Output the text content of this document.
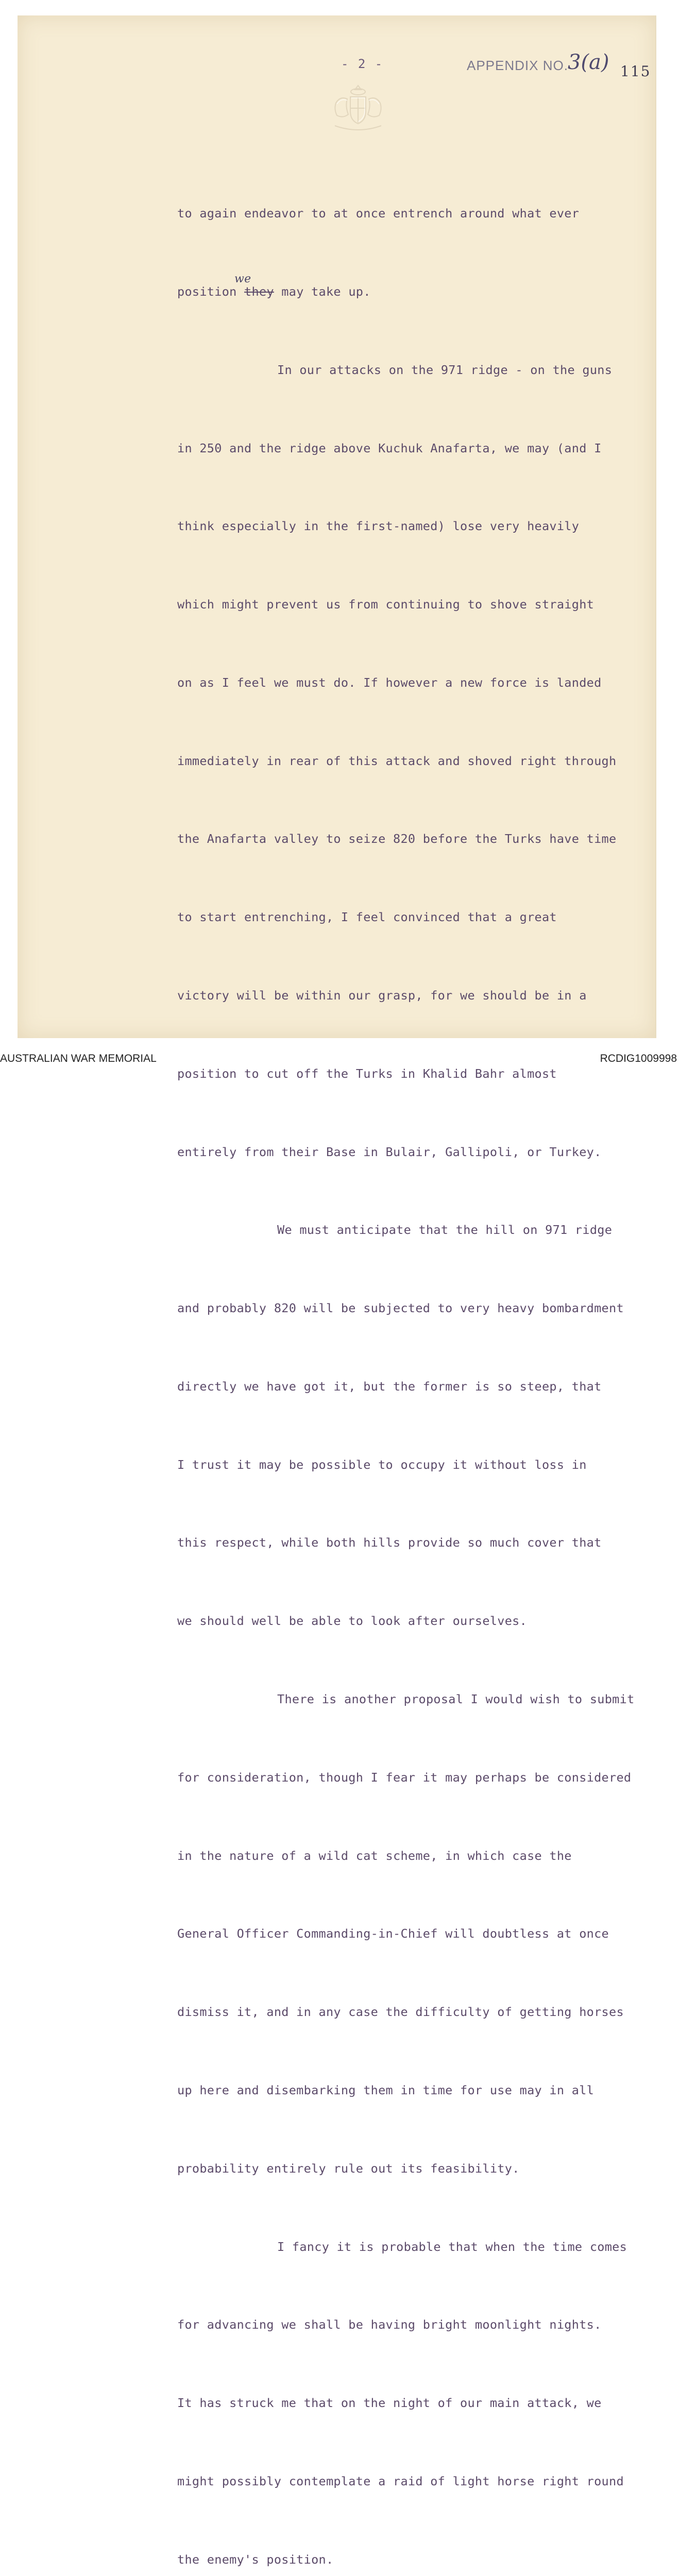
- 2 -	APPENDIX NO. 3(a) 115

to again endeavor to at once entrench around what ever

we
position they may take up.

In our attacks on the 971 ridge - on the guns

in 250 and the ridge above Kuchuk Anafarta, we may (and I

think especially in the first-named) lose very heavily

which might prevent us from continuing to shove straight

on as I feel we must do. If however a new force is landed

immediately in rear of this attack and shoved right through

the Anafarta valley to seize 820 before the Turks have time

to start entrenching, I feel convinced that a great

victory will be within our grasp, for we should be in a

position to cut off the Turks in Khalid Bahr almost

entirely from their Base in Bulair, Gallipoli, or Turkey.

We must anticipate that the hill on 971 ridge

and probably 820 will be subjected to very heavy bombardment

directly we have got it, but the former is so steep, that

I trust it may be possible to occupy it without loss in

this respect, while both hills provide so much cover that

we should well be able to look after ourselves.

There is another proposal I would wish to submit

for consideration, though I fear it may perhaps be considered

in the nature of a wild cat scheme, in which case the

General Officer Commanding-in-Chief will doubtless at once

dismiss it, and in any case the difficulty of getting horses

up here and disembarking them in time for use may in all

probability entirely rule out its feasibility.

I fancy it is probable that when the time comes

for advancing we shall be having bright moonlight nights.

It has struck me that on the night of our main attack, we

might possibly contemplate a raid of light horse right round

the enemy's position.

AUSTRALIAN WAR MEMORIAL	RCDIG1009998
